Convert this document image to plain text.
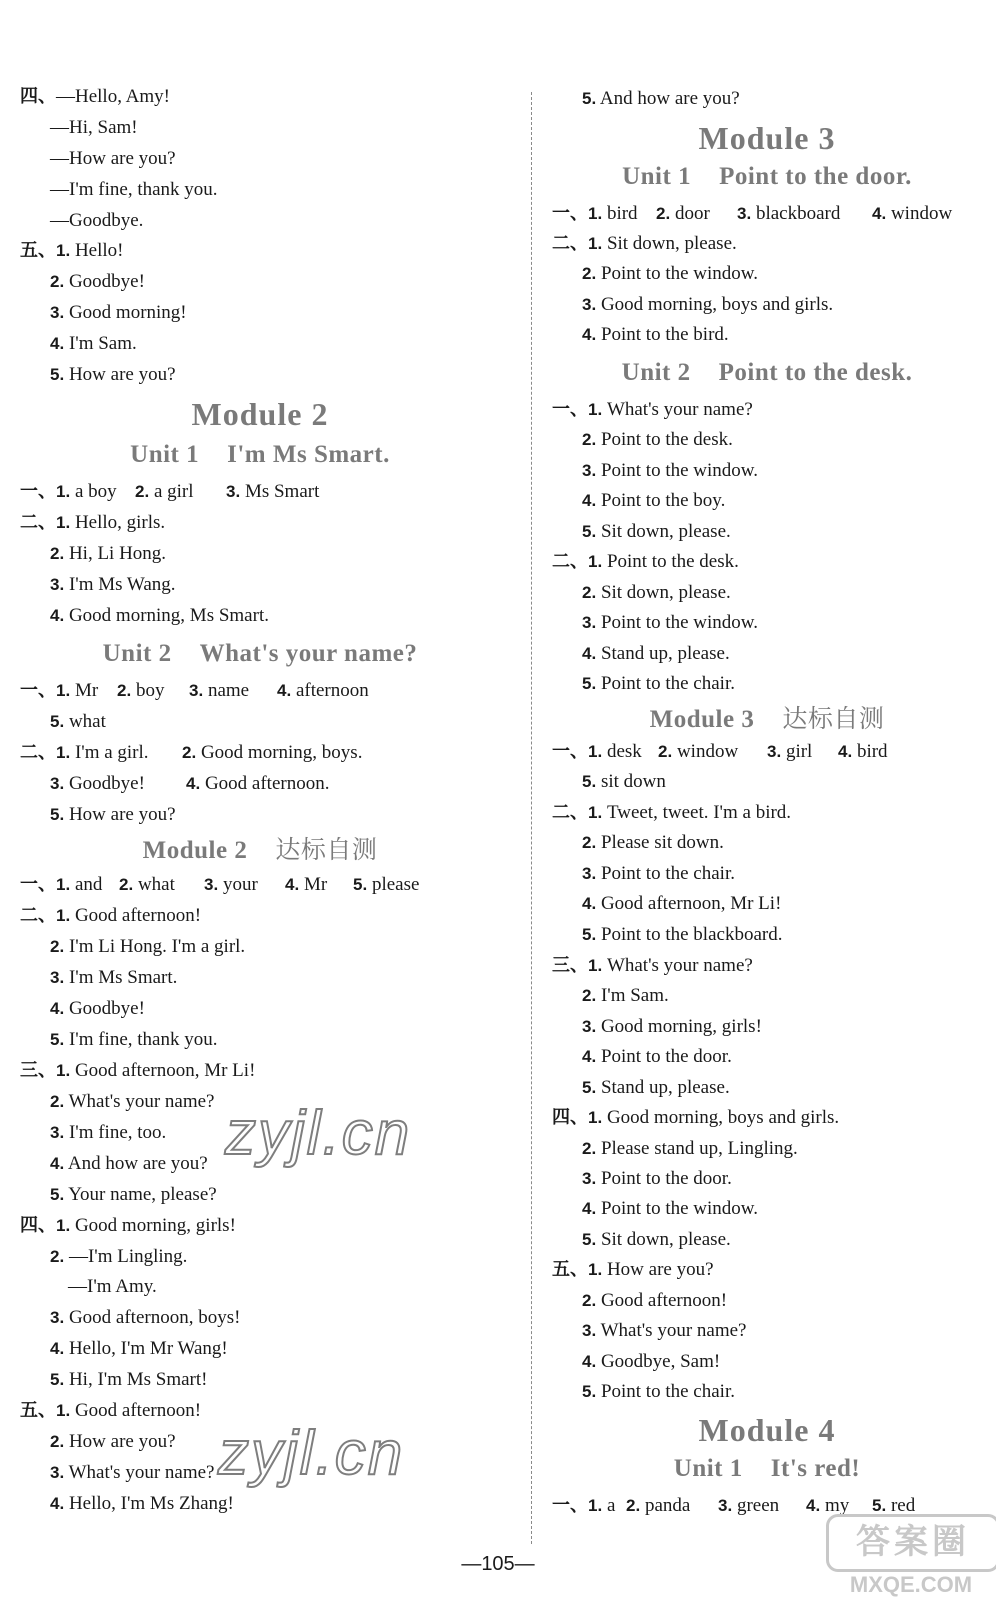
四、—Hello, Amy!
—Hi, Sam!
—How are you?
—I'm fine, thank you.
—Goodbye.
五、1. Hello!
2. Goodbye!
3. Good morning!
4. I'm Sam.
5. How are you?
Module 2
Unit 1 I'm Ms Smart.
一、1. a boy 2. a girl 3. Ms Smart
二、1. Hello, girls.
2. Hi, Li Hong.
3. I'm Ms Wang.
4. Good morning, Ms Smart.
Unit 2 What's your name?
一、1. Mr 2. boy 3. name 4. afternoon
5. what
二、1. I'm a girl. 2. Good morning, boys.
3. Goodbye! 4. Good afternoon.
5. How are you?
Module 2 达标自测
一、1. and 2. what 3. your 4. Mr 5. please
二、1. Good afternoon!
2. I'm Li Hong. I'm a girl.
3. I'm Ms Smart.
4. Goodbye!
5. I'm fine, thank you.
三、1. Good afternoon, Mr Li!
2. What's your name?
3. I'm fine, too.
4. And how are you?
5. Your name, please?
四、1. Good morning, girls!
2. —I'm Lingling.
—I'm Amy.
3. Good afternoon, boys!
4. Hello, I'm Mr Wang!
5. Hi, I'm Ms Smart!
五、1. Good afternoon!
2. How are you?
3. What's your name?
4. Hello, I'm Ms Zhang!
5. And how are you?
Module 3
Unit 1 Point to the door.
一、1. bird 2. door 3. blackboard 4. window
二、1. Sit down, please.
2. Point to the window.
3. Good morning, boys and girls.
4. Point to the bird.
Unit 2 Point to the desk.
一、1. What's your name?
2. Point to the desk.
3. Point to the window.
4. Point to the boy.
5. Sit down, please.
二、1. Point to the desk.
2. Sit down, please.
3. Point to the window.
4. Stand up, please.
5. Point to the chair.
Module 3 达标自测
一、1. desk 2. window 3. girl 4. bird
5. sit down
二、1. Tweet, tweet. I'm a bird.
2. Please sit down.
3. Point to the chair.
4. Good afternoon, Mr Li!
5. Point to the blackboard.
三、1. What's your name?
2. I'm Sam.
3. Good morning, girls!
4. Point to the door.
5. Stand up, please.
四、1. Good morning, boys and girls.
2. Please stand up, Lingling.
3. Point to the door.
4. Point to the window.
5. Sit down, please.
五、1. How are you?
2. Good afternoon!
3. What's your name?
4. Goodbye, Sam!
5. Point to the chair.
Module 4
Unit 1 It's red!
一、1. a 2. panda 3. green 4. my 5. red
zyjl.cn
zyjl.cn
—105—
答案圈
MXQE.COM
